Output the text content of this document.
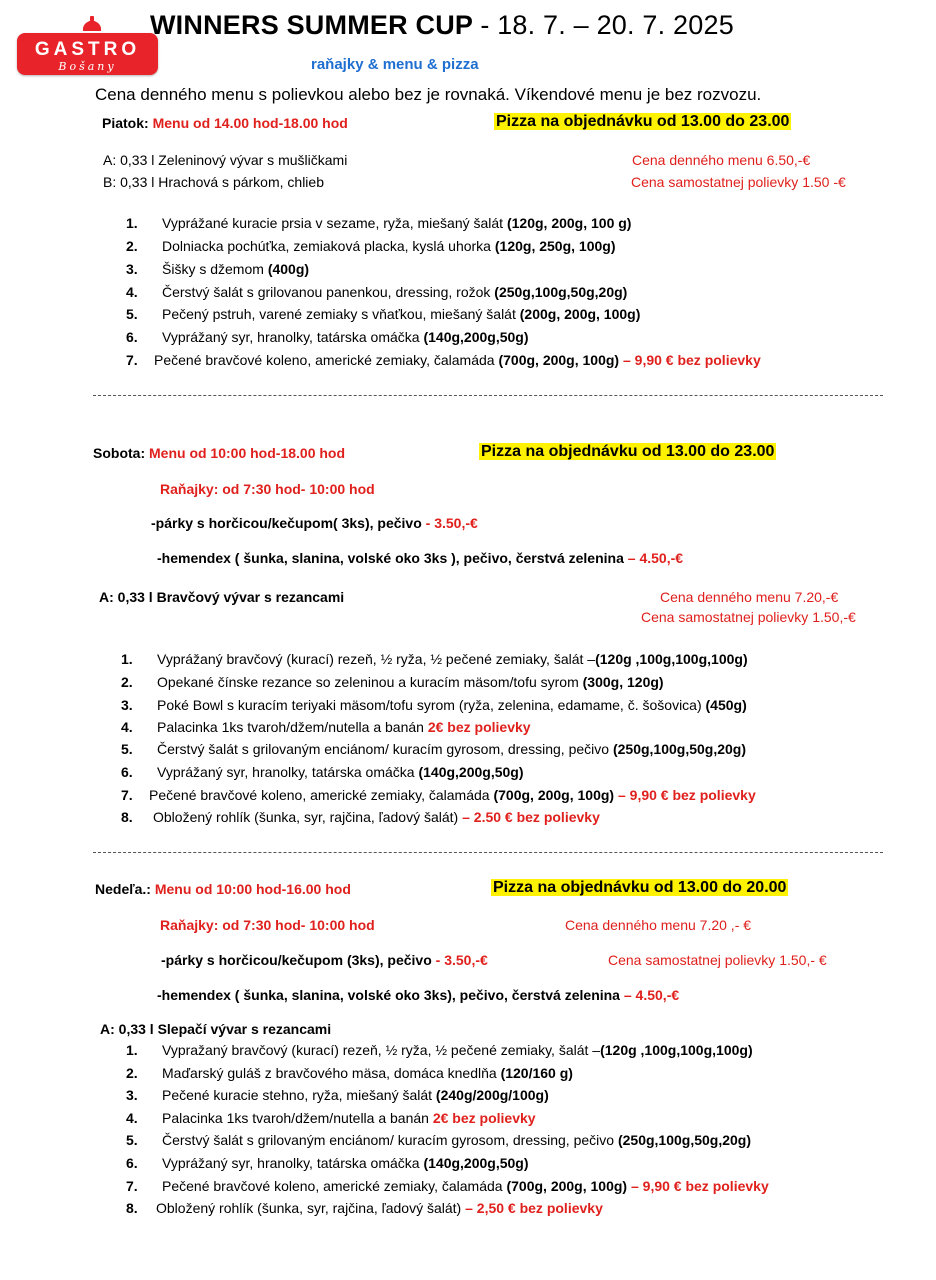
GASTRO
Bošany
WINNERS SUMMER CUP - 18. 7. – 20. 7. 2025
raňajky & menu & pizza
Cena denného menu s polievkou alebo bez je rovnaká. Víkendové menu je bez rozvozu.
Piatok: Menu od 14.00 hod-18.00 hod	Pizza na objednávku od 13.00 do 23.00
A: 0,33 l Zeleninový vývar s mušličkami
B: 0,33 l Hrachová s párkom, chlieb
Cena denného menu 6.50,-€
Cena samostatnej polievky 1.50 -€
1. Vyprážané kuracie prsia v sezame, ryža, miešaný šalát (120g, 200g, 100 g)
2. Dolniacka pochúťka, zemiaková placka, kyslá uhorka (120g, 250g, 100g)
3. Šišky s džemom (400g)
4. Čerstvý šalát s grilovanou panenkou, dressing, rožok (250g,100g,50g,20g)
5. Pečený pstruh, varené zemiaky s vňaťkou, miešaný šalát (200g, 200g, 100g)
6. Vyprážaný syr, hranolky, tatárska omáčka (140g,200g,50g)
7. Pečené bravčové koleno, americké zemiaky, čalamáda (700g, 200g, 100g) – 9,90 € bez polievky
Sobota: Menu od 10:00 hod-18.00 hod	Pizza na objednávku od 13.00 do 23.00
Raňajky: od 7:30 hod- 10:00 hod
-párky s horčicou/kečupom( 3ks), pečivo - 3.50,-€
-hemendex ( šunka, slanina, volské oko 3ks ), pečivo, čerstvá zelenina – 4.50,-€
A: 0,33 l Bravčový vývar s rezancami	Cena denného menu 7.20,-€
Cena samostatnej polievky 1.50,-€
1. Vyprážaný bravčový (kurací) rezeň, ½ ryža, ½ pečené zemiaky, šalát –(120g ,100g,100g,100g)
2. Opekané čínske rezance so zeleninou a kuracím mäsom/tofu syrom (300g, 120g)
3. Poké Bowl s kuracím teriyaki mäsom/tofu syrom (ryža, zelenina, edamame, č. šošovica) (450g)
4. Palacinka 1ks tvaroh/džem/nutella a banán 2€ bez polievky
5. Čerstvý šalát s grilovaným enciánom/ kuracím gyrosom, dressing, pečivo (250g,100g,50g,20g)
6. Vyprážaný syr, hranolky, tatárska omáčka (140g,200g,50g)
7. Pečené bravčové koleno, americké zemiaky, čalamáda (700g, 200g, 100g) – 9,90 € bez polievky
8. Obložený rohlík (šunka, syr, rajčina, ľadový šalát) – 2.50 € bez polievky
Nedeľa.: Menu od 10:00 hod-16.00 hod	Pizza na objednávku od 13.00 do 20.00
Raňajky: od 7:30 hod- 10:00 hod	Cena denného menu 7.20 ,- €
-párky s horčicou/kečupom (3ks), pečivo - 3.50,-€	Cena samostatnej polievky 1.50,- €
-hemendex ( šunka, slanina, volské oko 3ks), pečivo, čerstvá zelenina – 4.50,-€
A: 0,33 l Slepačí vývar s rezancami
1. Vypražaný bravčový (kurací) rezeň, ½ ryža, ½ pečené zemiaky, šalát –(120g ,100g,100g,100g)
2. Maďarský guláš z bravčového mäsa, domáca knedlňa (120/160 g)
3. Pečené kuracie stehno, ryža, miešaný šalát (240g/200g/100g)
4. Palacinka 1ks tvaroh/džem/nutella a banán 2€ bez polievky
5. Čerstvý šalát s grilovaným enciánom/ kuracím gyrosom, dressing, pečivo (250g,100g,50g,20g)
6. Vyprážaný syr, hranolky, tatárska omáčka (140g,200g,50g)
7. Pečené bravčové koleno, americké zemiaky, čalamáda (700g, 200g, 100g) – 9,90 € bez polievky
8. Obložený rohlík (šunka, syr, rajčina, ľadový šalát) – 2,50 € bez polievky
